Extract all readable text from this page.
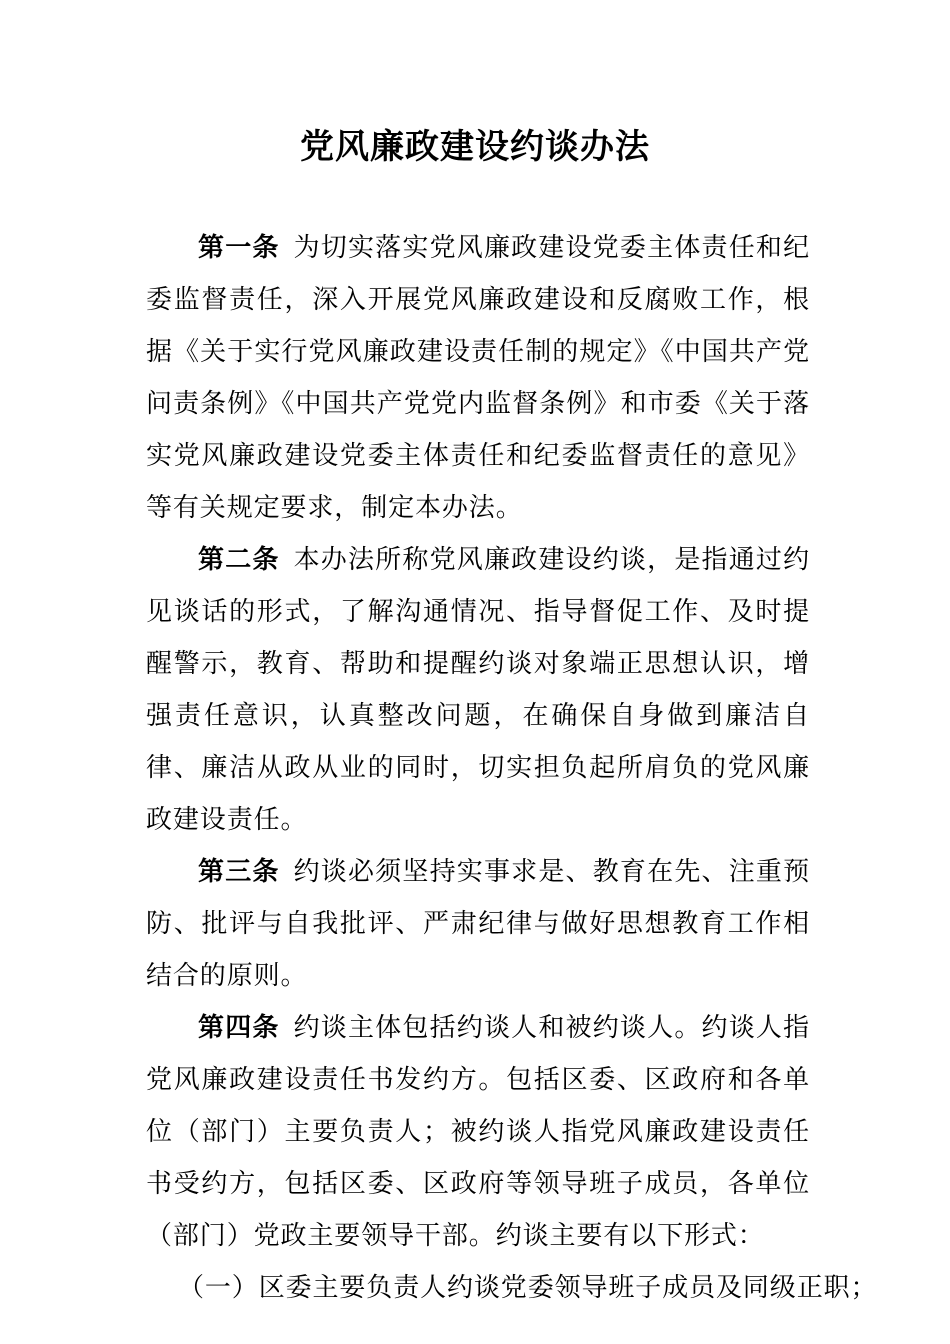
党风廉政建设约谈办法

第一条 为切实落实党风廉政建设党委主体责任和纪委监督责任，深入开展党风廉政建设和反腐败工作，根据《关于实行党风廉政建设责任制的规定》《中国共产党问责条例》《中国共产党党内监督条例》和市委《关于落实党风廉政建设党委主体责任和纪委监督责任的意见》等有关规定要求，制定本办法。

第二条 本办法所称党风廉政建设约谈，是指通过约见谈话的形式，了解沟通情况、指导督促工作、及时提醒警示，教育、帮助和提醒约谈对象端正思想认识，增强责任意识，认真整改问题，在确保自身做到廉洁自律、廉洁从政从业的同时，切实担负起所肩负的党风廉政建设责任。

第三条 约谈必须坚持实事求是、教育在先、注重预防、批评与自我批评、严肃纪律与做好思想教育工作相结合的原则。

第四条 约谈主体包括约谈人和被约谈人。约谈人指党风廉政建设责任书发约方。包括区委、区政府和各单位（部门）主要负责人；被约谈人指党风廉政建设责任书受约方，包括区委、区政府等领导班子成员，各单位（部门）党政主要领导干部。约谈主要有以下形式：

（一）区委主要负责人约谈党委领导班子成员及同级正职；
